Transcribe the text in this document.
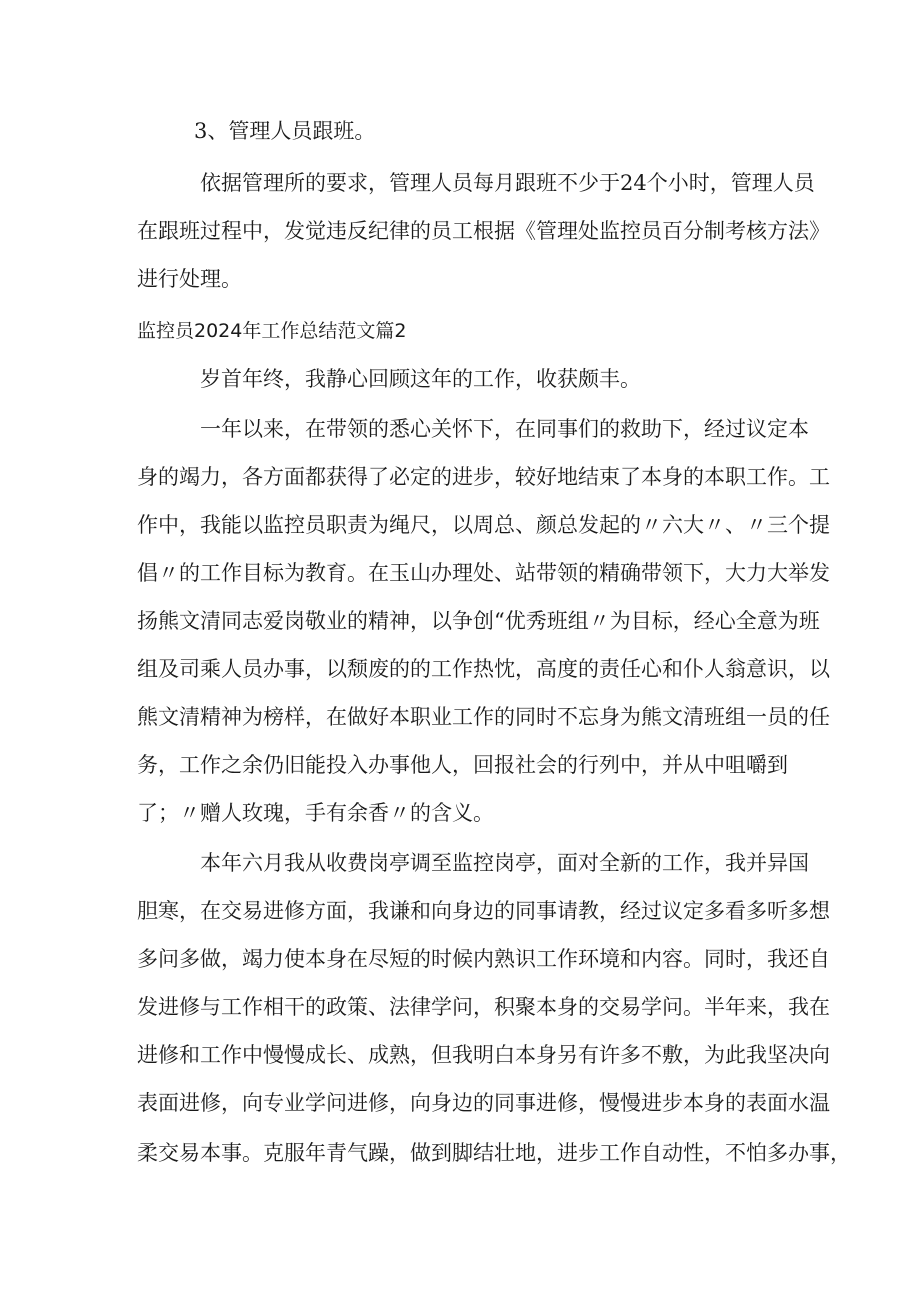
3、管理人员跟班。
依据管理所的要求，管理人员每月跟班不少于24个小时，管理人员
在跟班过程中，发觉违反纪律的员工根据《管理处监控员百分制考核方法》
进行处理。
监控员2024年工作总结范文篇2
岁首年终，我静心回顾这年的工作，收获颇丰。
一年以来，在带领的悉心关怀下，在同事们的救助下，经过议定本
身的竭力，各方面都获得了必定的进步，较好地结束了本身的本职工作。工
作中，我能以监控员职责为绳尺，以周总、颜总发起的〃六大〃、〃三个提
倡〃的工作目标为教育。在玉山办理处、站带领的精确带领下，大力大举发
扬熊文清同志爱岗敬业的精神，以争创“优秀班组〃为目标，经心全意为班
组及司乘人员办事，以颓废的的工作热忱，高度的责任心和仆人翁意识，以
熊文清精神为榜样，在做好本职业工作的同时不忘身为熊文清班组一员的任
务，工作之余仍旧能投入办事他人，回报社会的行列中，并从中咀嚼到
了；〃赠人玫瑰，手有余香〃的含义。
本年六月我从收费岗亭调至监控岗亭，面对全新的工作，我并异国
胆寒，在交易进修方面，我谦和向身边的同事请教，经过议定多看多听多想
多问多做，竭力使本身在尽短的时候内熟识工作环境和内容。同时，我还自
发进修与工作相干的政策、法律学问，积聚本身的交易学问。半年来，我在
进修和工作中慢慢成长、成熟，但我明白本身另有许多不敷，为此我坚决向
表面进修，向专业学问进修，向身边的同事进修，慢慢进步本身的表面水温
柔交易本事。克服年青气躁，做到脚结壮地，进步工作自动性，不怕多办事，
